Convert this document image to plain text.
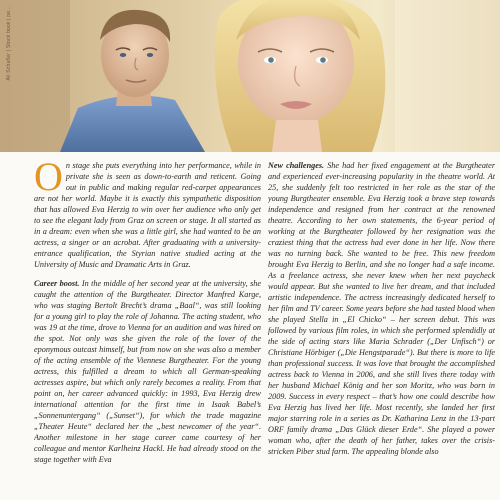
Ali Schafler | Stock book | pe...

On stage she puts everything into her performance, while in private she is seen as down-to-earth and reticent. Going out in public and making regular red-carpet appearances are not her world. Maybe it is exactly this sympathetic disposition that has allowed Eva Herzig to win over her audience who only get to see the elegant lady from Graz on screen or stage. It all started as in a dream: even when she was a little girl, she had wanted to be an actress, a singer or an acrobat. After graduating with a university-entrance qualification, the Styrian native studied acting at the University of Music and Dramatic Arts in Graz.

Career boost. In the middle of her second year at the university, she caught the attention of the Burgtheater. Director Manfred Karge, who was staging Bertolt Brecht’s drama „Baal“, was still looking for a young girl to play the role of Johanna. The acting student, who was 19 at the time, drove to Vienna for an audition and was hired on the spot. Not only was she given the role of the lover of the eponymous outcast himself, but from now on she was also a member of the acting ensemble of the Viennese Burgtheater. For the young actress, this fulfilled a dream to which all German-speaking actresses aspire, but which only rarely becomes a reality. From that point on, her career advanced quickly: in 1993, Eva Herzig drew international attention for the first time in Isaak Babel’s „Sonnenuntergang“ („Sunset“), for which the trade magazine „Theater Heute“ declared her the „best newcomer of the year“. Another milestone in her stage career came courtesy of her colleague and mentor Karlheinz Hackl. He had already stood on the stage together with Eva

New challenges. She had her fixed engagement at the Burgtheater and experienced ever-increasing popularity in the theatre world. At 25, she suddenly felt too restricted in her role as the star of the young Burgtheater ensemble. Eva Herzig took a brave step towards independence and resigned from her contract at the renowned theatre. According to her own statements, the 6-year period of working at the Burgtheater followed by her resignation was the craziest thing that the actress had ever done in her life. Now there was no turning back. She wanted to be free. This new freedom brought Eva Herzig to Berlin, and she no longer had a safe income. As a freelance actress, she never knew when her next paycheck would appear. But she wanted to live her dream, and that included artistic independence. The actress increasingly dedicated herself to her film and TV career. Some years before she had tasted blood when she played Stella in „El Chicko“ – her screen debut. This was followed by various film roles, in which she performed splendidly at the side of acting stars like Maria Schrader („Der Unfisch“) or Christiane Hörbiger („Die Hengstparade“). But there is more to life than professional success. It was love that brought the accomplished actress back to Vienna in 2006, and she still lives there today with her husband Michael König and her son Moritz, who was born in 2009. Success in every respect – that’s how one could describe how Eva Herzig has lived her life. Most recently, she landed her first major starring role in a series as Dr. Katharina Lenz in the 13-part ORF family drama „Das Glück dieser Erde“. She played a power woman who, after the death of her father, takes over the crisis-stricken Piber stud farm. The appealing blonde also
